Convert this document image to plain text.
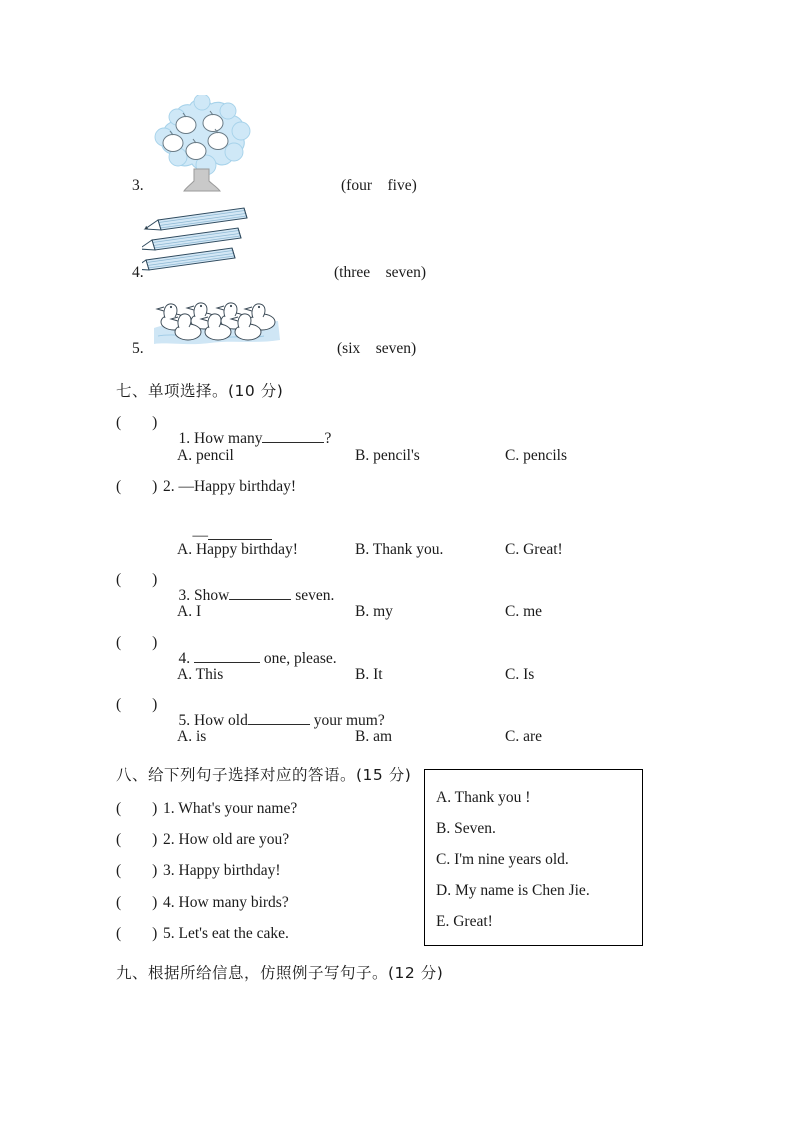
3.	(four    five)
4.	(three    seven)
5.	(six    seven)
七、单项选择。(10 分)
(        )

1. How many	?

A. pencil	B. pencil's	C. pencils
(        ) 2. —Happy birthday!

—

A. Happy birthday!	B. Thank you.	C. Great!
(        )

3. Show	seven.

A. I	B. my	C. me
(        )

4.	one, please.

A. This	B. It	C. Is
(        )

5. How old	your mum?

A. is	B. am	C. are
八、给下列句子选择对应的答语。(15 分)
(        ) 1. What's your name?
(        ) 2. How old are you?
(        ) 3. Happy birthday!
(        ) 4. How many birds?
(        ) 5. Let's eat the cake.
A. Thank you !
B. Seven.
C. I'm nine years old.
D. My name is Chen Jie.
E. Great!
九、根据所给信息，仿照例子写句子。(12 分)
